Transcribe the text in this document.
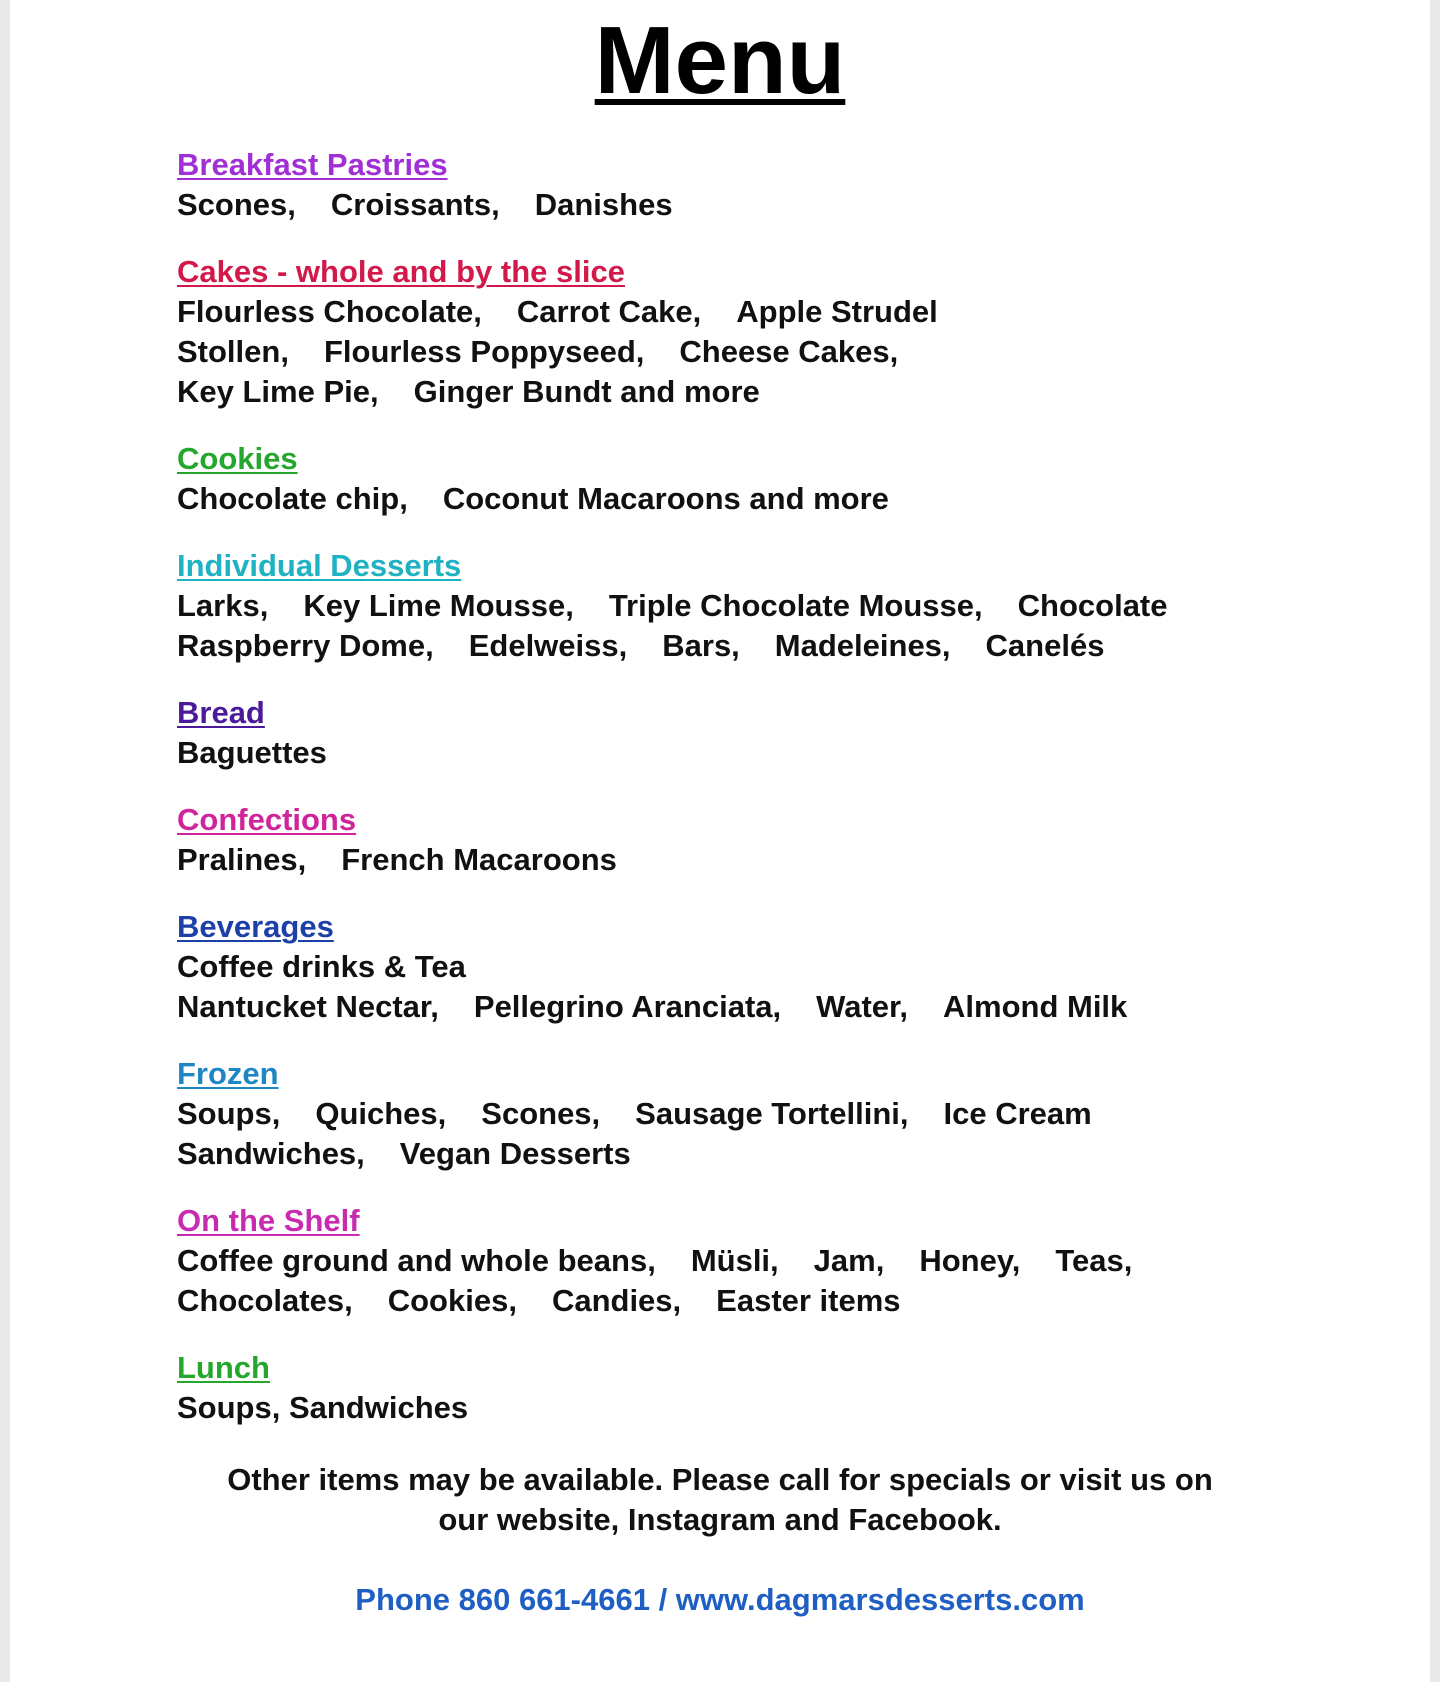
Menu
Breakfast Pastries
Scones, Croissants, Danishes
Cakes - whole and by the slice
Flourless Chocolate, Carrot Cake, Apple Strudel
Stollen, Flourless Poppyseed, Cheese Cakes,
Key Lime Pie, Ginger Bundt and more
Cookies
Chocolate chip, Coconut Macaroons and more
Individual Desserts
Larks, Key Lime Mousse, Triple Chocolate Mousse, Chocolate
Raspberry Dome, Edelweiss, Bars, Madeleines, Canelés
Bread
Baguettes
Confections
Pralines, French Macaroons
Beverages
Coffee drinks & Tea
Nantucket Nectar, Pellegrino Aranciata, Water, Almond Milk
Frozen
Soups, Quiches, Scones, Sausage Tortellini, Ice Cream
Sandwiches, Vegan Desserts
On the Shelf
Coffee ground and whole beans, Müsli, Jam, Honey, Teas,
Chocolates, Cookies, Candies, Easter items
Lunch
Soups, Sandwiches
Other items may be available. Please call for specials or visit us on
our website, Instagram and Facebook.
Phone 860 661-4661 / www.dagmarsdesserts.com
